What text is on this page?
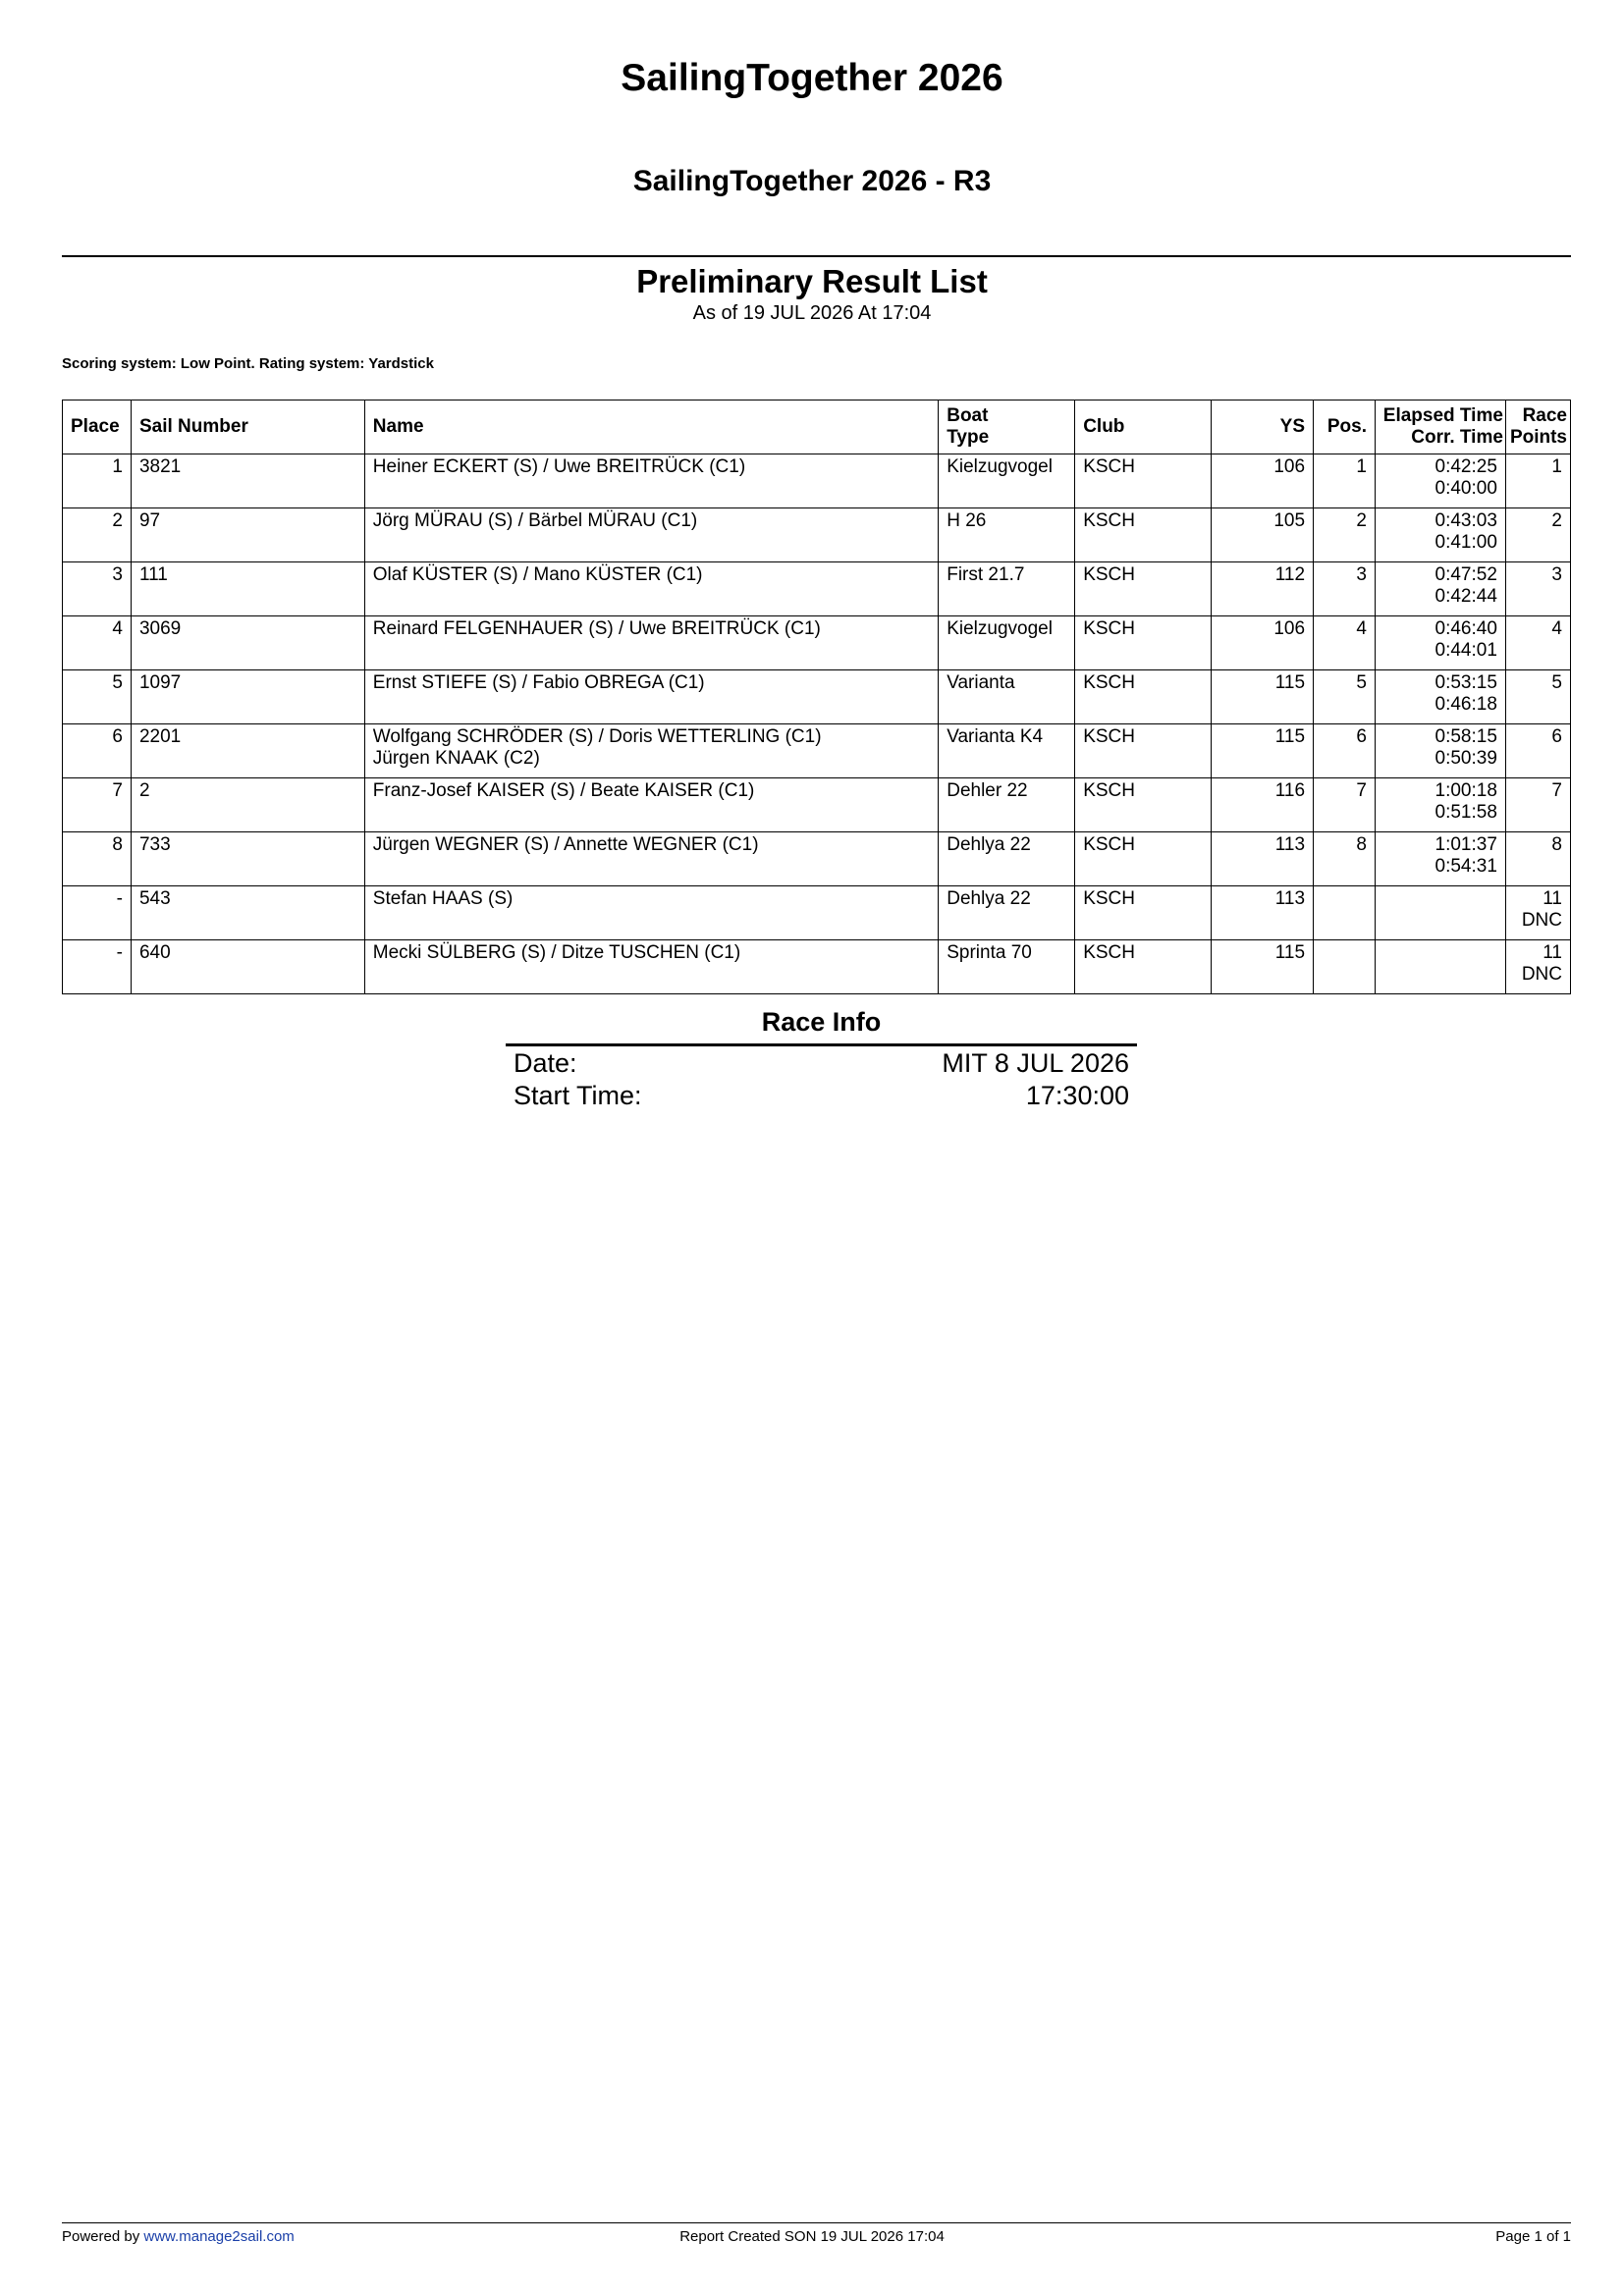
SailingTogether 2026
SailingTogether 2026 - R3
Preliminary Result List
As of 19 JUL 2026 At 17:04
Scoring system: Low Point. Rating system: Yardstick
Place	Sail Number	Name	Boat
Type	Club	YS	Pos.	Elapsed Time
Corr. Time	Race
Points

1	3821	Heiner ECKERT (S) / Uwe BREITRÜCK (C1)	Kielzugvogel	KSCH	106	1	0:42:25
0:40:00	1

2	97	Jörg MÜRAU (S) / Bärbel MÜRAU (C1)	H 26	KSCH	105	2	0:43:03
0:41:00	2

3	111	Olaf KÜSTER (S) / Mano KÜSTER (C1)	First 21.7	KSCH	112	3	0:47:52
0:42:44	3

4	3069	Reinard FELGENHAUER (S) / Uwe BREITRÜCK (C1)	Kielzugvogel	KSCH	106	4	0:46:40
0:44:01	4

5	1097	Ernst STIEFE (S) / Fabio OBREGA (C1)	Varianta	KSCH	115	5	0:53:15
0:46:18	5

6	2201	Wolfgang SCHRÖDER (S) / Doris WETTERLING (C1)
Jürgen KNAAK (C2)	Varianta K4	KSCH	115	6	0:58:15
0:50:39	6

7	2	Franz-Josef KAISER (S) / Beate KAISER (C1)	Dehler 22	KSCH	116	7	1:00:18
0:51:58	7

8	733	Jürgen WEGNER (S) / Annette WEGNER (C1)	Dehlya 22	KSCH	113	8	1:01:37
0:54:31	8

-	543	Stefan HAAS (S)	Dehlya 22	KSCH	113			11
DNC

-	640	Mecki SÜLBERG (S) / Ditze TUSCHEN (C1)	Sprinta 70	KSCH	115			11
DNC
Race Info
Date:	MIT 8 JUL 2026
Start Time:	17:30:00
Powered by www.manage2sail.com	Report Created SON 19 JUL 2026 17:04	Page 1 of 1
